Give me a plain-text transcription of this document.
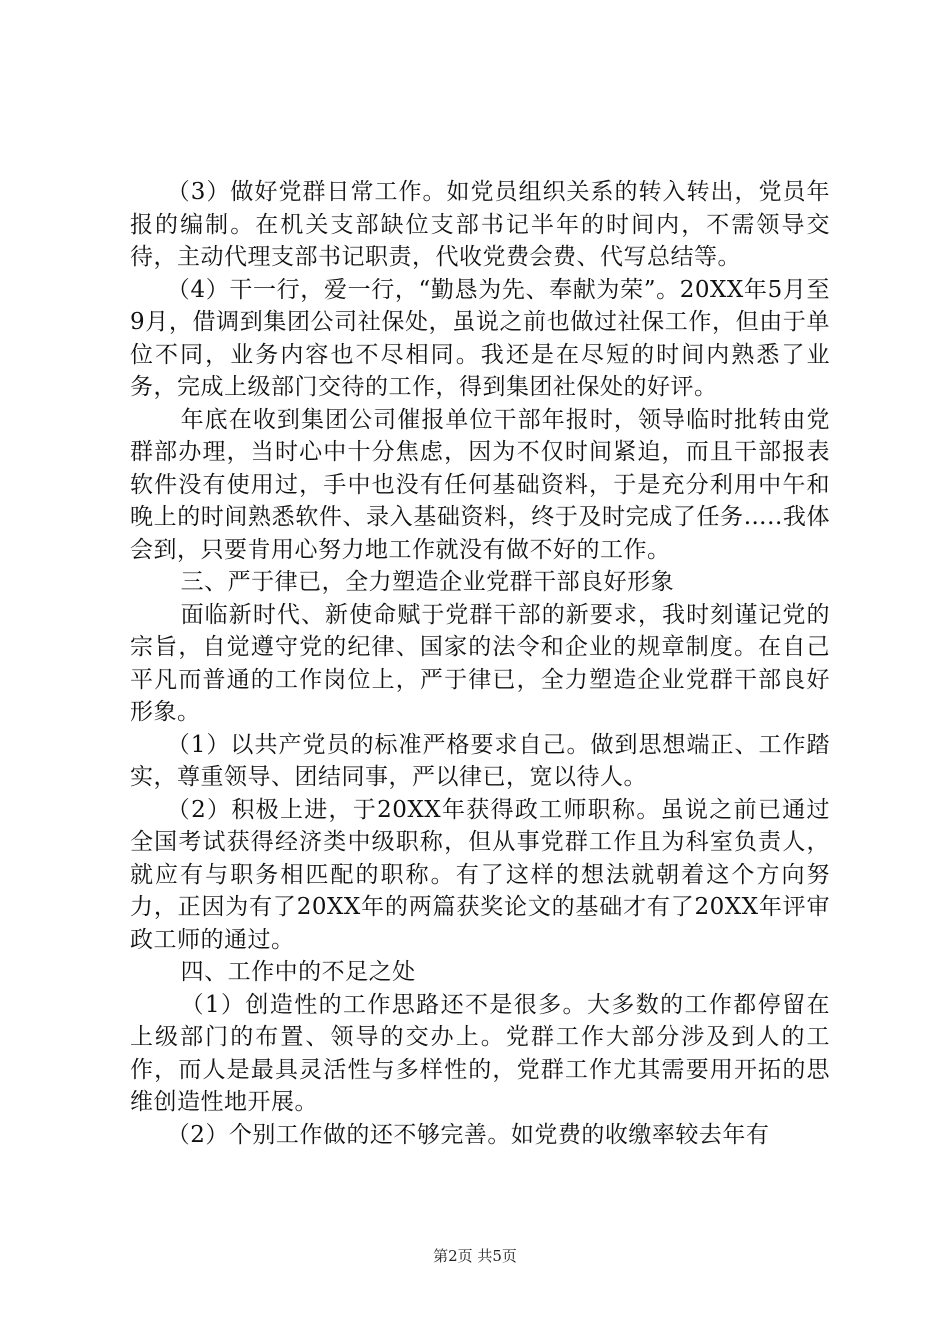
（3）做好党群日常工作。如党员组织关系的转入转出，党员年报的编制。在机关支部缺位支部书记半年的时间内，不需领导交待，主动代理支部书记职责，代收党费会费、代写总结等。

（4）干一行，爱一行，“勤恳为先、奉献为荣”。20XX年5月至9月，借调到集团公司社保处，虽说之前也做过社保工作，但由于单位不同，业务内容也不尽相同。我还是在尽短的时间内熟悉了业务，完成上级部门交待的工作，得到集团社保处的好评。

年底在收到集团公司催报单位干部年报时，领导临时批转由党群部办理，当时心中十分焦虑，因为不仅时间紧迫，而且干部报表软件没有使用过，手中也没有任何基础资料，于是充分利用中午和晚上的时间熟悉软件、录入基础资料，终于及时完成了任务…..我体会到，只要肯用心努力地工作就没有做不好的工作。

三、严于律已，全力塑造企业党群干部良好形象

面临新时代、新使命赋于党群干部的新要求，我时刻谨记党的宗旨，自觉遵守党的纪律、国家的法令和企业的规章制度。在自己平凡而普通的工作岗位上，严于律已，全力塑造企业党群干部良好形象。

（1）以共产党员的标准严格要求自己。做到思想端正、工作踏实，尊重领导、团结同事，严以律已，宽以待人。

（2）积极上进，于20XX年获得政工师职称。虽说之前已通过全国考试获得经济类中级职称，但从事党群工作且为科室负责人，就应有与职务相匹配的职称。有了这样的想法就朝着这个方向努力，正因为有了20XX年的两篇获奖论文的基础才有了20XX年评审政工师的通过。

四、工作中的不足之处

（1）创造性的工作思路还不是很多。大多数的工作都停留在上级部门的布置、领导的交办上。党群工作大部分涉及到人的工作，而人是最具灵活性与多样性的，党群工作尤其需要用开拓的思维创造性地开展。

（2）个别工作做的还不够完善。如党费的收缴率较去年有

第2页 共5页
